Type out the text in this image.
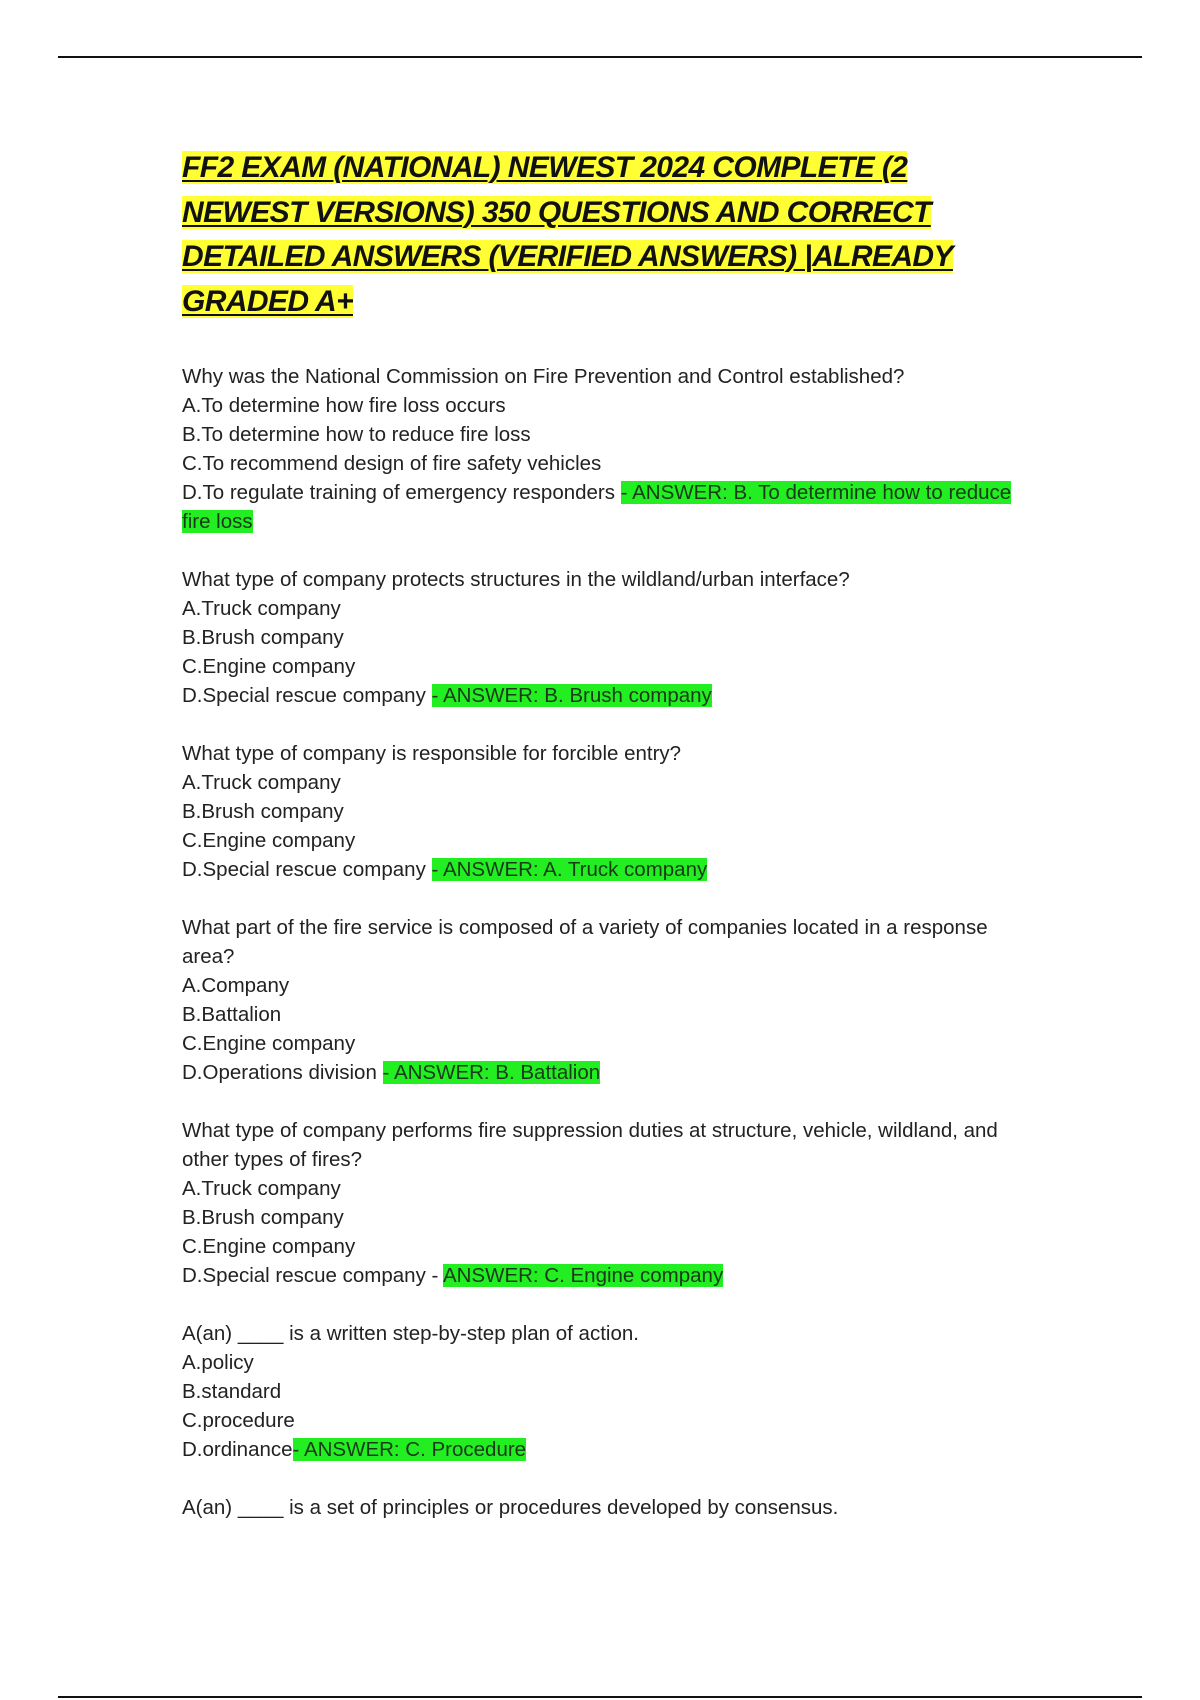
FF2 EXAM (NATIONAL) NEWEST 2024 COMPLETE (2 NEWEST VERSIONS) 350 QUESTIONS AND CORRECT DETAILED ANSWERS (VERIFIED ANSWERS) |ALREADY GRADED A+

Why was the National Commission on Fire Prevention and Control established?

A.To determine how fire loss occurs

B.To determine how to reduce fire loss

C.To recommend design of fire safety vehicles

D.To regulate training of emergency responders - ANSWER: B. To determine how to reduce fire loss

What type of company protects structures in the wildland/urban interface?

A.Truck company

B.Brush company

C.Engine company

D.Special rescue company - ANSWER: B. Brush company

What type of company is responsible for forcible entry?

A.Truck company

B.Brush company

C.Engine company

D.Special rescue company - ANSWER: A. Truck company

What part of the fire service is composed of a variety of companies located in a response area?

A.Company

B.Battalion

C.Engine company

D.Operations division - ANSWER: B. Battalion

What type of company performs fire suppression duties at structure, vehicle, wildland, and other types of fires?

A.Truck company

B.Brush company

C.Engine company

D.Special rescue company - ANSWER: C. Engine company

A(an) ____ is a written step-by-step plan of action.

A.policy

B.standard

C.procedure

D.ordinance- ANSWER: C. Procedure

A(an) ____ is a set of principles or procedures developed by consensus.
